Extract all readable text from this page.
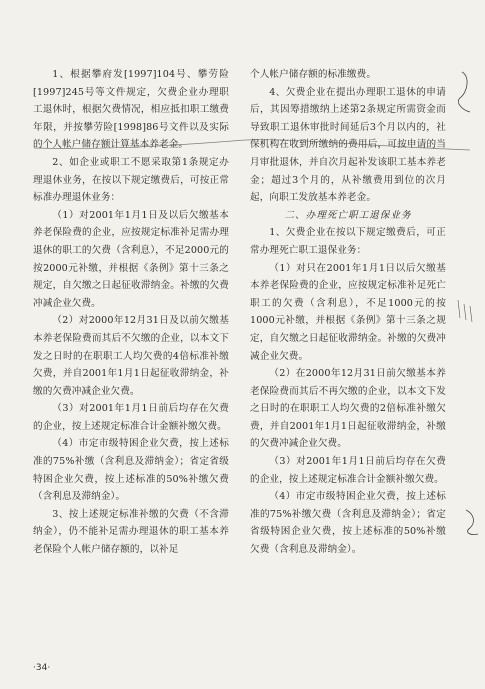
1、根据攀府发[1997]104号、攀劳险[1997]245号等文件规定，欠费企业办理职工退休时，根据欠费情况，相应抵扣职工缴费年限，并按攀劳险[1998]86号文件以及实际的个人帐户储存额计算基本养老金。

2、如企业或职工不愿采取第1条规定办理退休业务，在按以下规定缴费后，可按正常标准办理退休业务：

（1）对2001年1月1日及以后欠缴基本养老保险费的企业，应按规定标准补足需办理退休的职工的欠费（含利息），不足2000元的按2000元补缴，并根据《条例》第十三条之规定，自欠缴之日起征收滞纳金。补缴的欠费冲减企业欠费。

（2）对2000年12月31日及以前欠缴基本养老保险费而其后不欠缴的企业，以本文下发之日时的在职职工人均欠费的4倍标准补缴欠费，并自2001年1月1日起征收滞纳金，补缴的欠费冲减企业欠费。

（3）对2001年1月1日前后均存在欠费的企业，按上述规定标准合计金额补缴欠费。

（4）市定市级特困企业欠费，按上述标准的75%补缴（含利息及滞纳金）；省定省级特困企业欠费，按上述标准的50%补缴欠费（含利息及滞纳金）。

3、按上述规定标准补缴的欠费（不含滞纳金），仍不能补足需办理退休的职工基本养老保险个人帐户储存额的，以补足

个人帐户储存额的标准缴费。

4、欠费企业在提出办理职工退休的申请后，其因筹措缴纳上述第2条规定所需资金而导致职工退休审批时间延后3个月以内的，社保机构在收到所缴纳的费用后，可按申请的当月审批退休，并自次月起补发该职工基本养老金；超过3个月的，从补缴费用到位的次月起，向职工发放基本养老金。

二、办理死亡职工退保业务

1、欠费企业在按以下规定缴费后，可正常办理死亡职工退保业务：

（1）对只在2001年1月1日以后欠缴基本养老保险费的企业，应按规定标准补足死亡职工的欠费（含利息），不足1000元的按1000元补缴，并根据《条例》第十三条之规定，自欠缴之日起征收滞纳金。补缴的欠费冲减企业欠费。

（2）在2000年12月31日前欠缴基本养老保险费而其后不再欠缴的企业，以本文下发之日时的在职职工人均欠费的2倍标准补缴欠费，并自2001年1月1日起征收滞纳金，补缴的欠费冲减企业欠费。

（3）对2001年1月1日前后均存在欠费的企业，按上述规定标准合计金额补缴欠费。

（4）市定市级特困企业欠费，按上述标准的75%补缴欠费（含利息及滞纳金）；省定省级特困企业欠费，按上述标准的50%补缴欠费（含利息及滞纳金）。

·34·
